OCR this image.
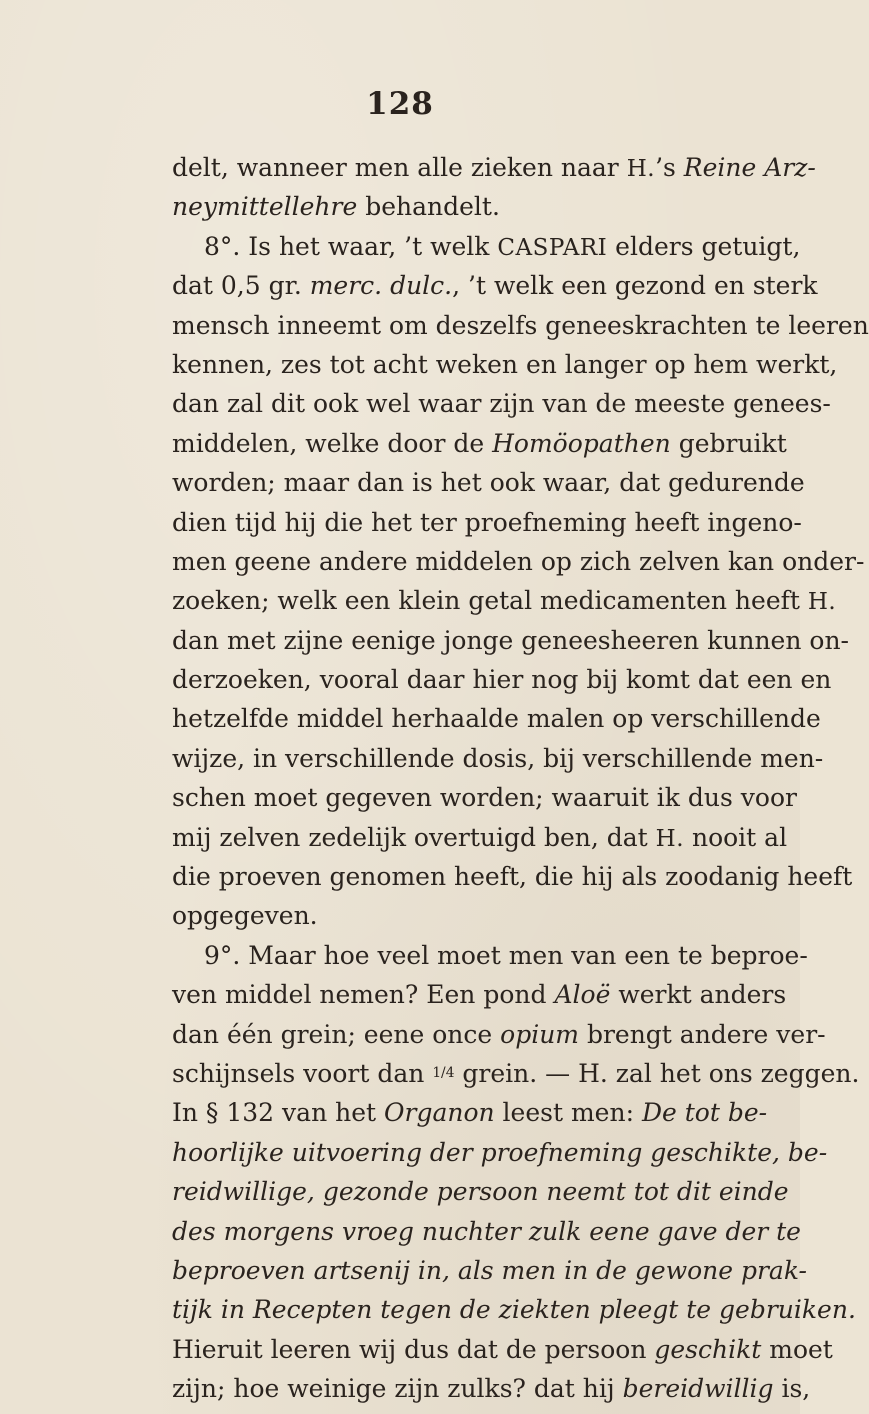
128
delt, wanneer men alle zieken naar H.’s Reine Arz-
neymittellehre behandelt.
8°. Is het waar, ’t welk CASPARI elders getuigt,
dat 0,5 gr. merc. dulc., ’t welk een gezond en sterk
mensch inneemt om deszelfs geneeskrachten te leeren
kennen, zes tot acht weken en langer op hem werkt,
dan zal dit ook wel waar zijn van de meeste genees-
middelen, welke door de Homöopathen gebruikt
worden; maar dan is het ook waar, dat gedurende
dien tijd hij die het ter proefneming heeft ingeno-
men geene andere middelen op zich zelven kan onder-
zoeken; welk een klein getal medicamenten heeft H.
dan met zijne eenige jonge geneesheeren kunnen on-
derzoeken, vooral daar hier nog bij komt dat een en
hetzelfde middel herhaalde malen op verschillende
wijze, in verschillende dosis, bij verschillende men-
schen moet gegeven worden; waaruit ik dus voor
mij zelven zedelijk overtuigd ben, dat H. nooit al
die proeven genomen heeft, die hij als zoodanig heeft
opgegeven.
9°. Maar hoe veel moet men van een te beproe-
ven middel nemen? Een pond Aloë werkt anders
dan één grein; eene once opium brengt andere ver-
schijnsels voort dan 1/4 grein. — H. zal het ons zeggen.
In § 132 van het Organon leest men: De tot be-
hoorlijke uitvoering der proefneming geschikte, be-
reidwillige, gezonde persoon neemt tot dit einde
des morgens vroeg nuchter zulk eene gave der te
beproeven artsenij in, als men in de gewone prak-
tijk in Recepten tegen de ziekten pleegt te gebruiken.
Hieruit leeren wij dus dat de persoon geschikt moet
zijn; hoe weinige zijn zulks? dat hij bereidwillig is,
